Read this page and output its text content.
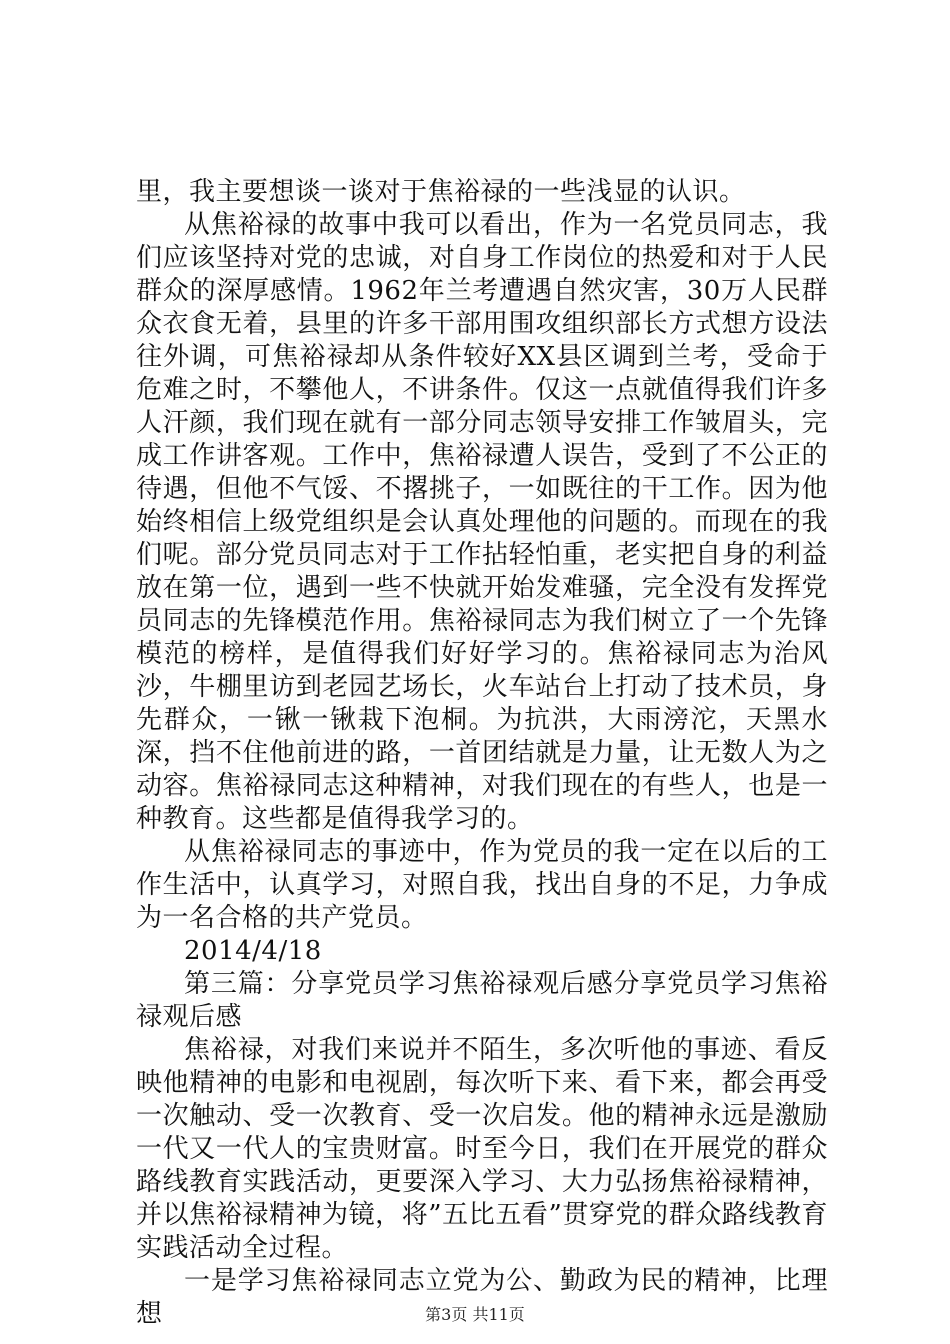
里，我主要想谈一谈对于焦裕禄的一些浅显的认识。

从焦裕禄的故事中我可以看出，作为一名党员同志，我们应该坚持对党的忠诚，对自身工作岗位的热爱和对于人民群众的深厚感情。1962年兰考遭遇自然灾害，30万人民群众衣食无着，县里的许多干部用围攻组织部长方式想方设法往外调，可焦裕禄却从条件较好XX县区调到兰考，受命于危难之时，不攀他人，不讲条件。仅这一点就值得我们许多人汗颜，我们现在就有一部分同志领导安排工作皱眉头，完成工作讲客观。工作中，焦裕禄遭人误告，受到了不公正的待遇，但他不气馁、不撂挑子，一如既往的干工作。因为他始终相信上级党组织是会认真处理他的问题的。而现在的我们呢。部分党员同志对于工作拈轻怕重，老实把自身的利益放在第一位，遇到一些不快就开始发难骚，完全没有发挥党员同志的先锋模范作用。焦裕禄同志为我们树立了一个先锋模范的榜样，是值得我们好好学习的。焦裕禄同志为治风沙，牛棚里访到老园艺场长，火车站台上打动了技术员，身先群众，一锹一锹栽下泡桐。为抗洪，大雨滂沱，天黑水深，挡不住他前进的路，一首团结就是力量，让无数人为之动容。焦裕禄同志这种精神，对我们现在的有些人，也是一种教育。这些都是值得我学习的。

从焦裕禄同志的事迹中，作为党员的我一定在以后的工作生活中，认真学习，对照自我，找出自身的不足，力争成为一名合格的共产党员。

2014/4/18

第三篇：分享党员学习焦裕禄观后感分享党员学习焦裕禄观后感

焦裕禄，对我们来说并不陌生，多次听他的事迹、看反映他精神的电影和电视剧，每次听下来、看下来，都会再受一次触动、受一次教育、受一次启发。他的精神永远是激励一代又一代人的宝贵财富。时至今日，我们在开展党的群众路线教育实践活动，更要深入学习、大力弘扬焦裕禄精神，并以焦裕禄精神为镜，将”五比五看”贯穿党的群众路线教育实践活动全过程。

一是学习焦裕禄同志立党为公、勤政为民的精神，比理想	第3页 共11页
